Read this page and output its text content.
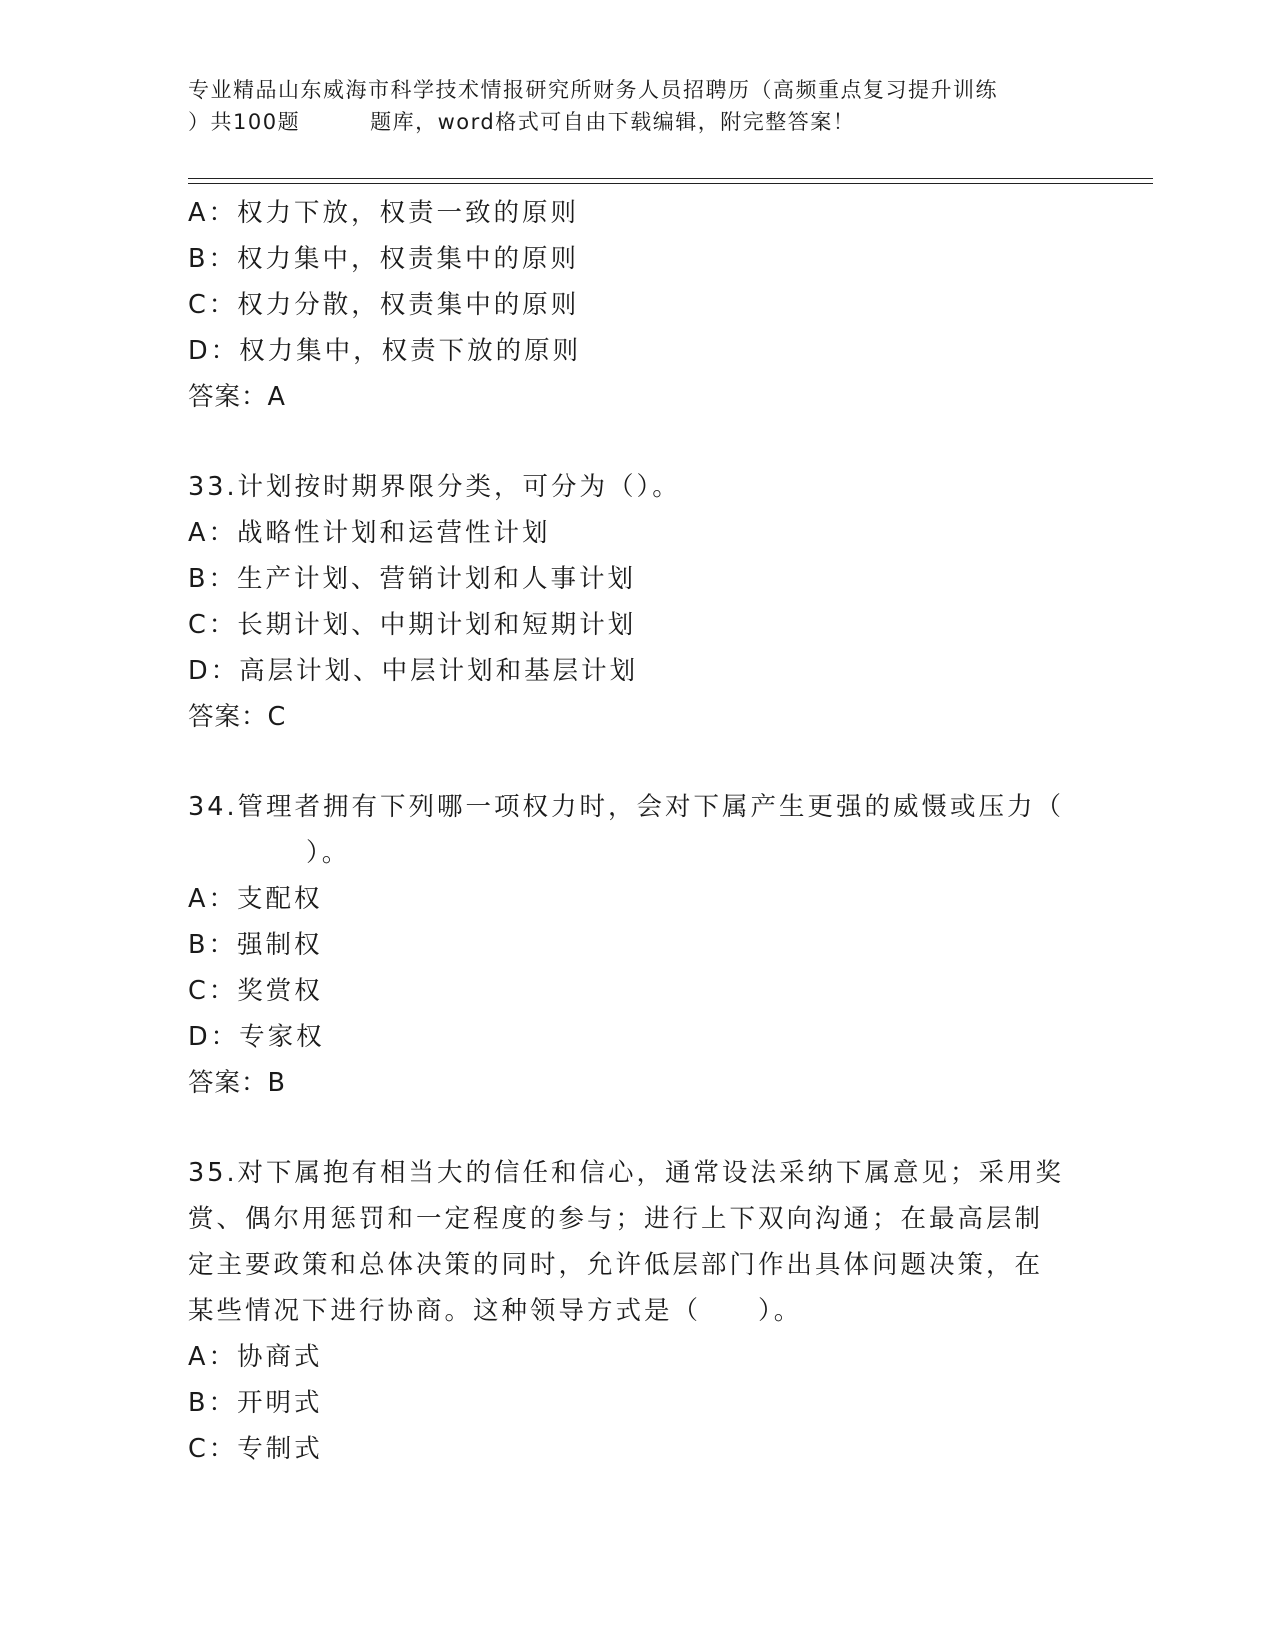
专业精品山东威海市科学技术情报研究所财务人员招聘历（高频重点复习提升训练
）共100题	题库，word格式可自由下载编辑，附完整答案！
A：权力下放，权责一致的原则
B：权力集中，权责集中的原则
C：权力分散，权责集中的原则
D：权力集中，权责下放的原则
答案：A
33.计划按时期界限分类，可分为（）。
A：战略性计划和运营性计划
B：生产计划、营销计划和人事计划
C：长期计划、中期计划和短期计划
D：高层计划、中层计划和基层计划
答案：C
34.管理者拥有下列哪一项权力时，会对下属产生更强的威慑或压力（
）。
A：支配权
B：强制权
C：奖赏权
D：专家权
答案：B
35.对下属抱有相当大的信任和信心，通常设法采纳下属意见；采用奖
赏、偶尔用惩罚和一定程度的参与；进行上下双向沟通；在最高层制
定主要政策和总体决策的同时，允许低层部门作出具体问题决策，在
某些情况下进行协商。这种领导方式是（　　）。
A：协商式
B：开明式
C：专制式
